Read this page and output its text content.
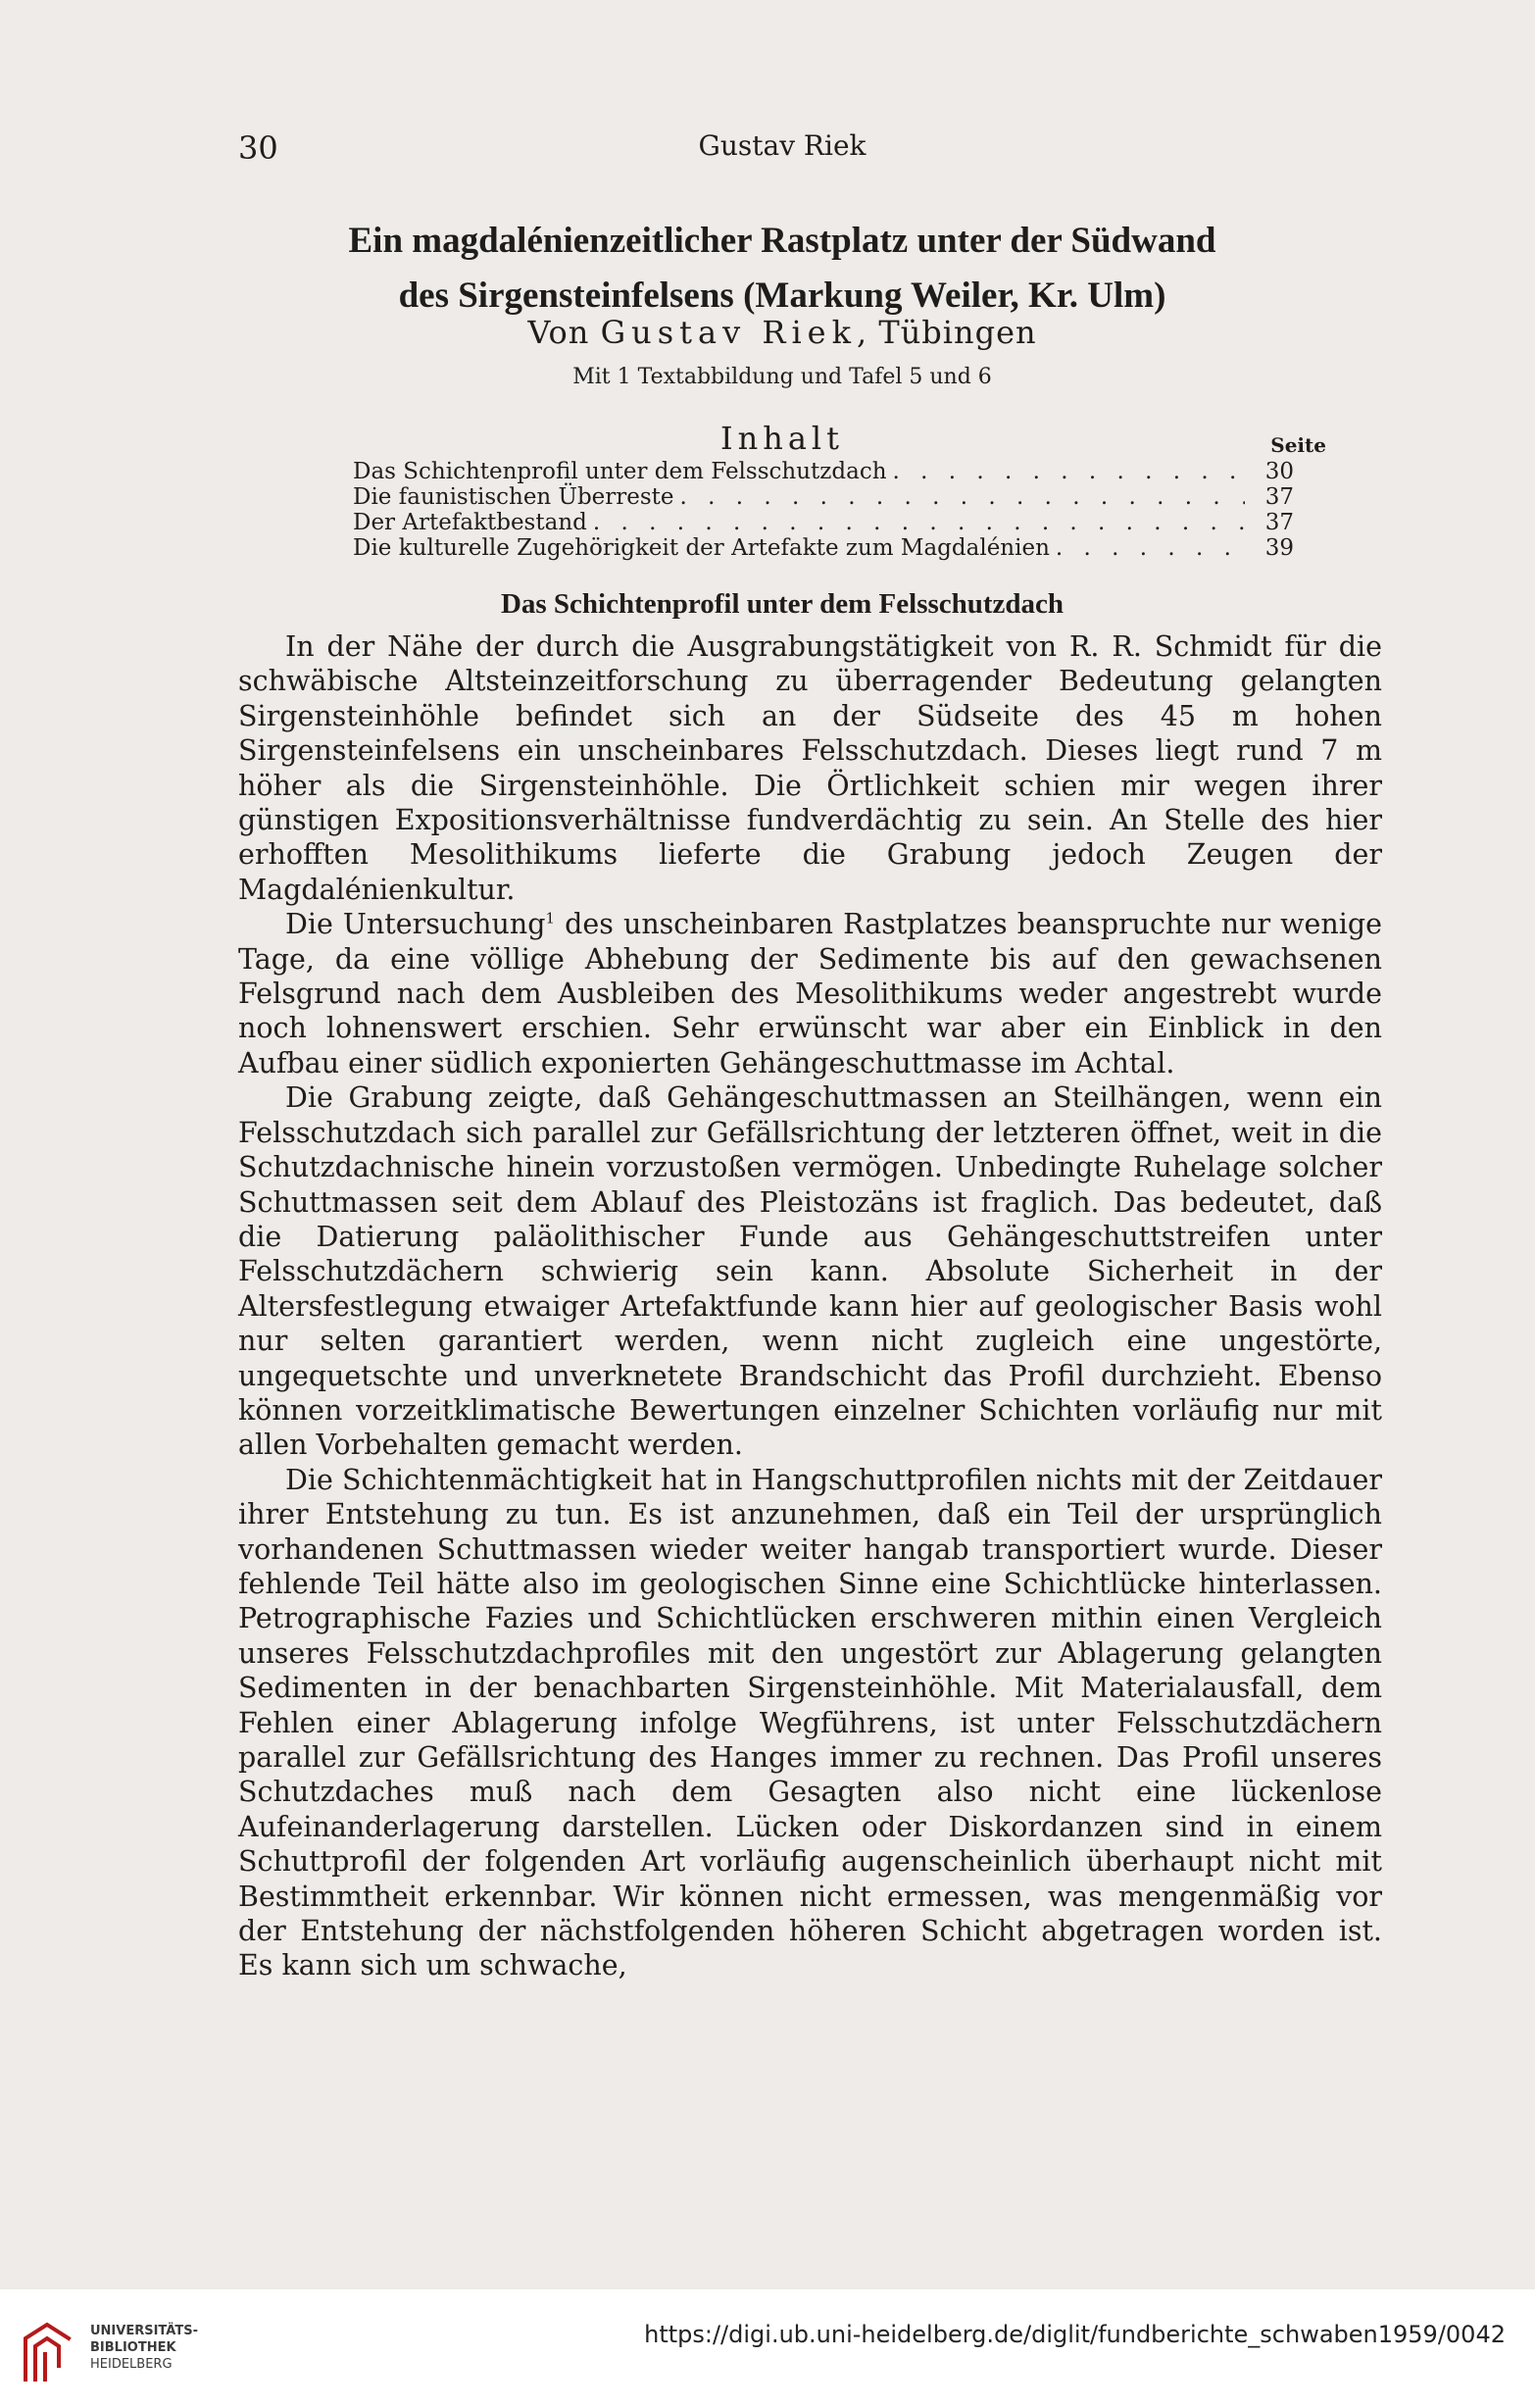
30	Gustav Riek
Ein magdalénienzeitlicher Rastplatz unter der Südwand
des Sirgensteinfelsens (Markung Weiler, Kr. Ulm)
Von Gustav Riek, Tübingen
Mit 1 Textabbildung und Tafel 5 und 6
Inhalt	Seite
Das Schichtenprofil unter dem Felsschutzdach . . .	30
Die faunistischen Überreste . . .	37
Der Artefaktbestand . . .	37
Die kulturelle Zugehörigkeit der Artefakte zum Magdalénien . . .	39
Das Schichtenprofil unter dem Felsschutzdach

In der Nähe der durch die Ausgrabungstätigkeit von R. R. Schmidt für die schwäbische Altsteinzeitforschung zu überragender Bedeutung gelangten Sirgensteinhöhle befindet sich an der Südseite des 45 m hohen Sirgensteinfelsens ein unscheinbares Felsschutzdach. Dieses liegt rund 7 m höher als die Sirgensteinhöhle. Die Örtlichkeit schien mir wegen ihrer günstigen Expositionsverhältnisse fundverdächtig zu sein. An Stelle des hier erhofften Mesolithikums lieferte die Grabung jedoch Zeugen der Magdalénienkultur.

Die Untersuchung$^1$ des unscheinbaren Rastplatzes beanspruchte nur wenige Tage, da eine völlige Abhebung der Sedimente bis auf den gewachsenen Felsgrund nach dem Ausbleiben des Mesolithikums weder angestrebt wurde noch lohnenswert erschien. Sehr erwünscht war aber ein Einblick in den Aufbau einer südlich exponierten Gehängeschuttmasse im Achtal.

Die Grabung zeigte, daß Gehängeschuttmassen an Steilhängen, wenn ein Felsschutzdach sich parallel zur Gefällsrichtung der letzteren öffnet, weit in die Schutzdachnische hinein vorzustoßen vermögen. Unbedingte Ruhelage solcher Schuttmassen seit dem Ablauf des Pleistozäns ist fraglich. Das bedeutet, daß die Datierung paläolithischer Funde aus Gehängeschuttstreifen unter Felsschutzdächern schwierig sein kann. Absolute Sicherheit in der Altersfestlegung etwaiger Artefaktfunde kann hier auf geologischer Basis wohl nur selten garantiert werden, wenn nicht zugleich eine ungestörte, ungequetschte und unverknetete Brandschicht das Profil durchzieht. Ebenso können vorzeitklimatische Bewertungen einzelner Schichten vorläufig nur mit allen Vorbehalten gemacht werden.

Die Schichtenmächtigkeit hat in Hangschuttprofilen nichts mit der Zeitdauer ihrer Entstehung zu tun. Es ist anzunehmen, daß ein Teil der ursprünglich vorhandenen Schuttmassen wieder weiter hangab transportiert wurde. Dieser fehlende Teil hätte also im geologischen Sinne eine Schichtlücke hinterlassen. Petrographische Fazies und Schichtlücken erschweren mithin einen Vergleich unseres Felsschutzdachprofiles mit den ungestört zur Ablagerung gelangten Sedimenten in der benachbarten Sirgensteinhöhle. Mit Materialausfall, dem Fehlen einer Ablagerung infolge Wegführens, ist unter Felsschutzdächern parallel zur Gefällsrichtung des Hanges immer zu rechnen. Das Profil unseres Schutzdaches muß nach dem Gesagten also nicht eine lückenlose Aufeinanderlagerung darstellen. Lücken oder Diskordanzen sind in einem Schuttprofil der folgenden Art vorläufig augenscheinlich überhaupt nicht mit Bestimmtheit erkennbar. Wir können nicht ermessen, was mengenmäßig vor der Entstehung der nächstfolgenden höheren Schicht abgetragen worden ist. Es kann sich um schwache,

UNIVERSITÄTS-
BIBLIOTHEK
HEIDELBERG
https://digi.ub.uni-heidelberg.de/diglit/fundberichte_schwaben1959/0042
